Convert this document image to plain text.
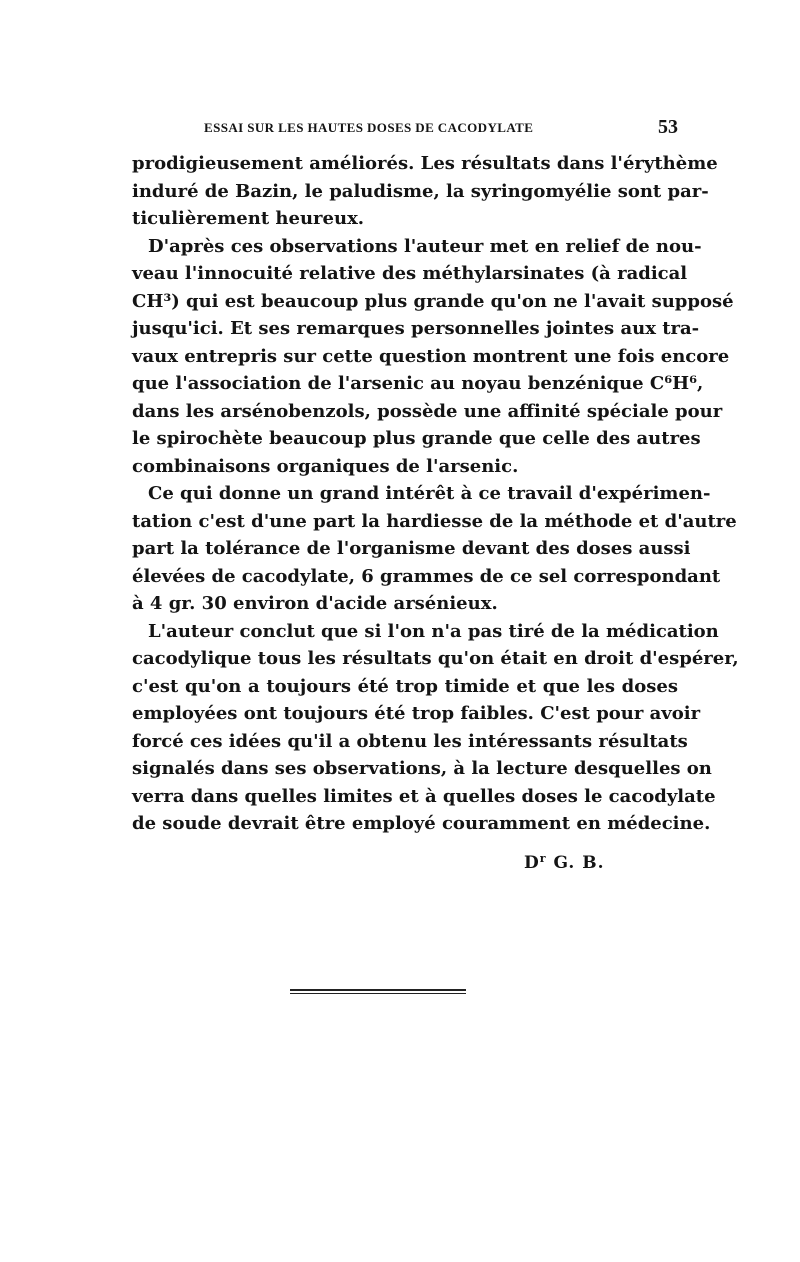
ESSAI SUR LES HAUTES DOSES DE CACODYLATE	53
prodigieusement améliorés. Les résultats dans l'érythème
induré de Bazin, le paludisme, la syringomyélie sont par-
ticulièrement heureux.
D'après ces observations l'auteur met en relief de nou-
veau l'innocuité relative des méthylarsinates (à radical
CH³) qui est beaucoup plus grande qu'on ne l'avait supposé
jusqu'ici. Et ses remarques personnelles jointes aux tra-
vaux entrepris sur cette question montrent une fois encore
que l'association de l'arsenic au noyau benzénique C⁶H⁶,
dans les arsénobenzols, possède une affinité spéciale pour
le spirochète beaucoup plus grande que celle des autres
combinaisons organiques de l'arsenic.
Ce qui donne un grand intérêt à ce travail d'expérimen-
tation c'est d'une part la hardiesse de la méthode et d'autre
part la tolérance de l'organisme devant des doses aussi
élevées de cacodylate, 6 grammes de ce sel correspondant
à 4 gr. 30 environ d'acide arsénieux.
L'auteur conclut que si l'on n'a pas tiré de la médication
cacodylique tous les résultats qu'on était en droit d'espérer,
c'est qu'on a toujours été trop timide et que les doses
employées ont toujours été trop faibles. C'est pour avoir
forcé ces idées qu'il a obtenu les intéressants résultats
signalés dans ses observations, à la lecture desquelles on
verra dans quelles limites et à quelles doses le cacodylate
de soude devrait être employé couramment en médecine.
$D^r$ G. B.
